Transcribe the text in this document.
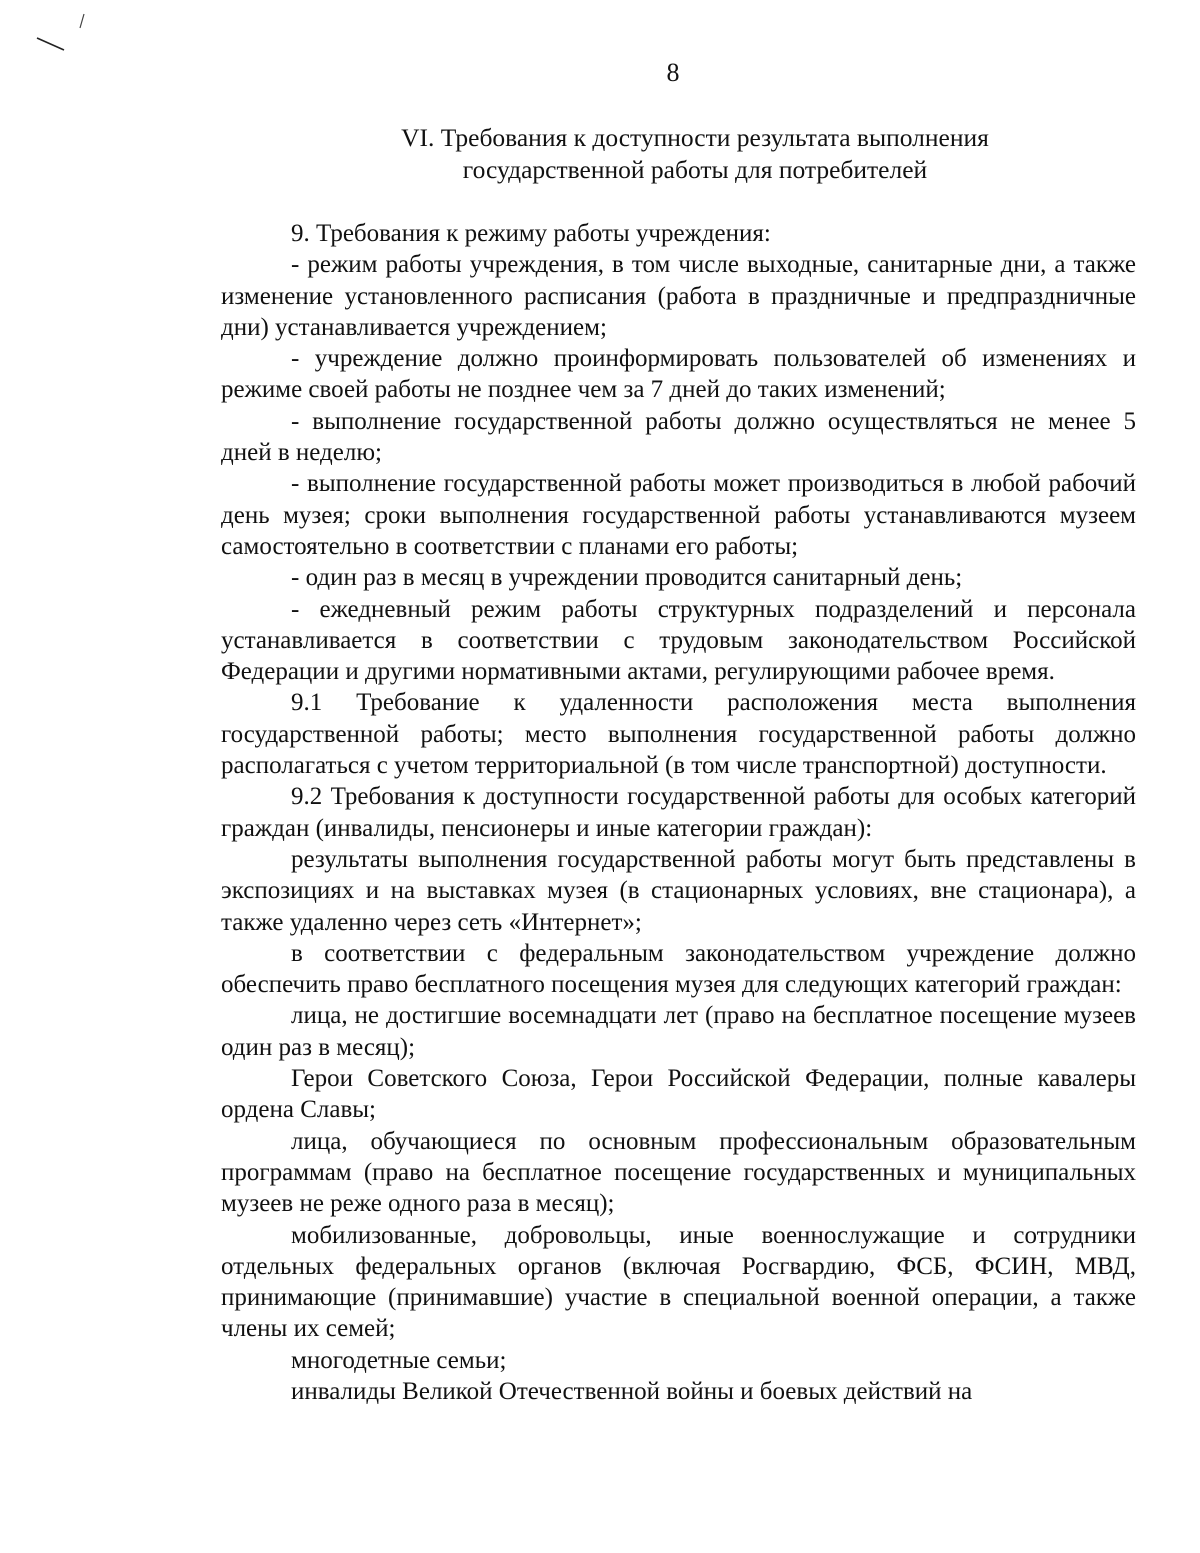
8
VI. Требования к доступности результата выполнения
государственной работы для потребителей

9. Требования к режиму работы учреждения:

- режим работы учреждения, в том числе выходные, санитарные дни, а также изменение установленного расписания (работа в праздничные и предпраздничные дни) устанавливается учреждением;

- учреждение должно проинформировать пользователей об изменениях и режиме своей работы не позднее чем за 7 дней до таких изменений;

- выполнение государственной работы должно осуществляться не менее 5 дней в неделю;

- выполнение государственной работы может производиться в любой рабочий день музея; сроки выполнения государственной работы устанавливаются музеем самостоятельно в соответствии с планами его работы;

- один раз в месяц в учреждении проводится санитарный день;

- ежедневный режим работы структурных подразделений и персонала устанавливается в соответствии с трудовым законодательством Российской Федерации и другими нормативными актами, регулирующими рабочее время.

9.1 Требование к удаленности расположения места выполнения государственной работы; место выполнения государственной работы должно располагаться с учетом территориальной (в том числе транспортной) доступности.

9.2 Требования к доступности государственной работы для особых категорий граждан (инвалиды, пенсионеры и иные категории граждан):

результаты выполнения государственной работы могут быть представлены в экспозициях и на выставках музея (в стационарных условиях, вне стационара), а также удаленно через сеть «Интернет»;

в соответствии с федеральным законодательством учреждение должно обеспечить право бесплатного посещения музея для следующих категорий граждан:

лица, не достигшие восемнадцати лет (право на бесплатное посещение музеев один раз в месяц);

Герои Советского Союза, Герои Российской Федерации, полные кавалеры ордена Славы;

лица, обучающиеся по основным профессиональным образовательным программам (право на бесплатное посещение государственных и муниципальных музеев не реже одного раза в месяц);

мобилизованные, добровольцы, иные военнослужащие и сотрудники отдельных федеральных органов (включая Росгвардию, ФСБ, ФСИН, МВД, принимающие (принимавшие) участие в специальной военной операции, а также члены их семей;

многодетные семьи;

инвалиды Великой Отечественной войны и боевых действий на
